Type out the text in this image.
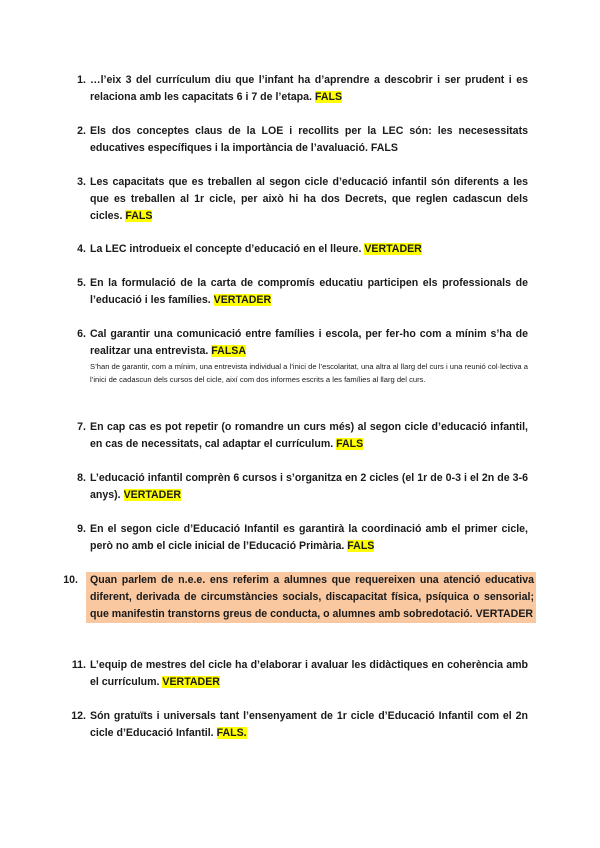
1. …l’eix 3 del currículum diu que l’infant ha d’aprendre a descobrir i ser prudent i es relaciona amb les capacitats 6 i 7 de l’etapa. FALS

2. Els dos conceptes claus de la LOE i recollits per la LEC són: les necesessitats educatives específiques i la importància de l’avaluació. FALS

3. Les capacitats que es treballen al segon cicle d’educació infantil són diferents a les que es treballen al 1r cicle, per això hi ha dos Decrets, que reglen cadascun dels cicles. FALS

4. La LEC introdueix el concepte d’educació en el lleure. VERTADER

5. En la formulació de la carta de compromís educatiu participen els professionals de l’educació i les famílies. VERTADER

6. Cal garantir una comunicació entre famílies i escola, per fer-ho com a mínim s’ha de realitzar una entrevista. FALSA

S’han de garantir, com a mínim, una entrevista individual a l’inici de l’escolaritat, una altra al llarg del curs i una reunió col·lectiva a l’inici de cadascun dels cursos del cicle, així com dos informes escrits a les famílies al llarg del curs.

7. En cap cas es pot repetir (o romandre un curs més) al segon cicle d’educació infantil, en cas de necessitats, cal adaptar el currículum. FALS

8. L’educació infantil comprèn 6 cursos i s’organitza en 2 cicles (el 1r de 0-3 i el 2n de 3-6 anys). VERTADER

9. En el segon cicle d’Educació Infantil es garantirà la coordinació amb el primer cicle, però no amb el cicle inicial de l’Educació Primària. FALS

10. Quan parlem de n.e.e. ens referim a alumnes que requereixen una atenció educativa diferent, derivada de circumstàncies socials, discapacitat física, psíquica o sensorial; que manifestin transtorns greus de conducta, o alumnes amb sobredotació. VERTADER

11. L’equip de mestres del cicle ha d’elaborar i avaluar les didàctiques en coherència amb el currículum. VERTADER

12. Són gratuïts i universals tant l’ensenyament de 1r cicle d’Educació Infantil com el 2n cicle d’Educació Infantil. FALS.
